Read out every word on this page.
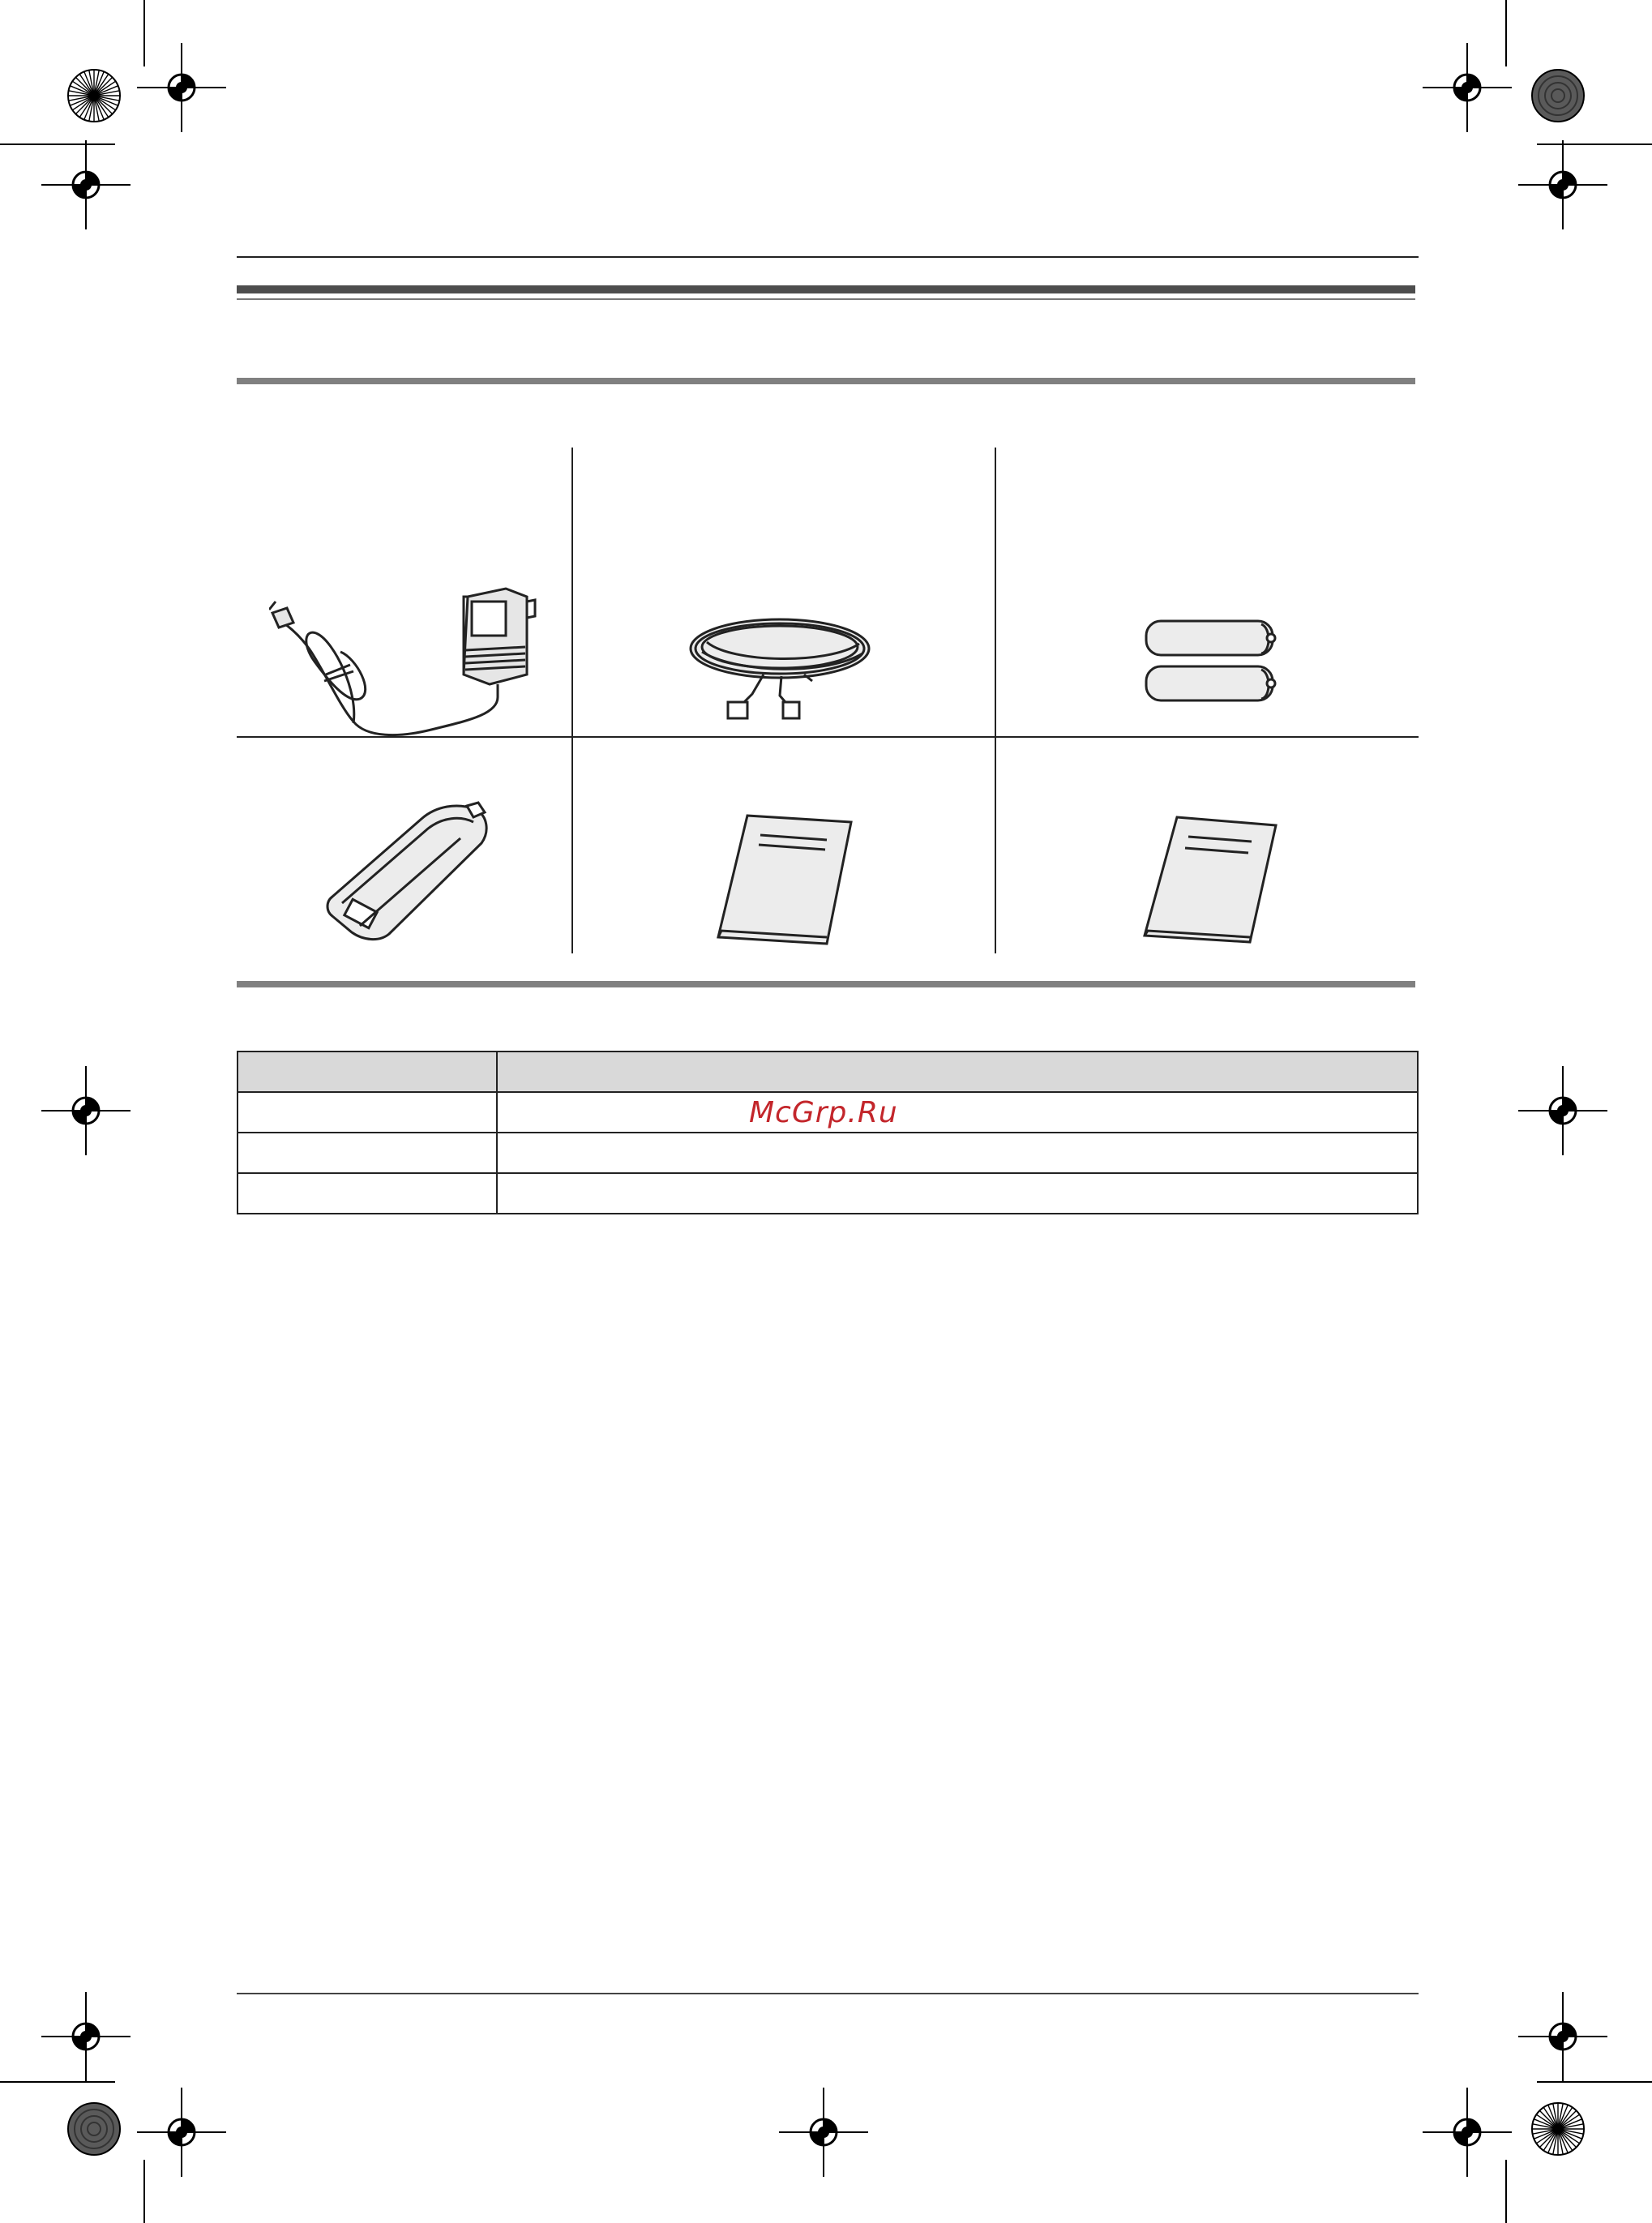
	McGrp.Ru
